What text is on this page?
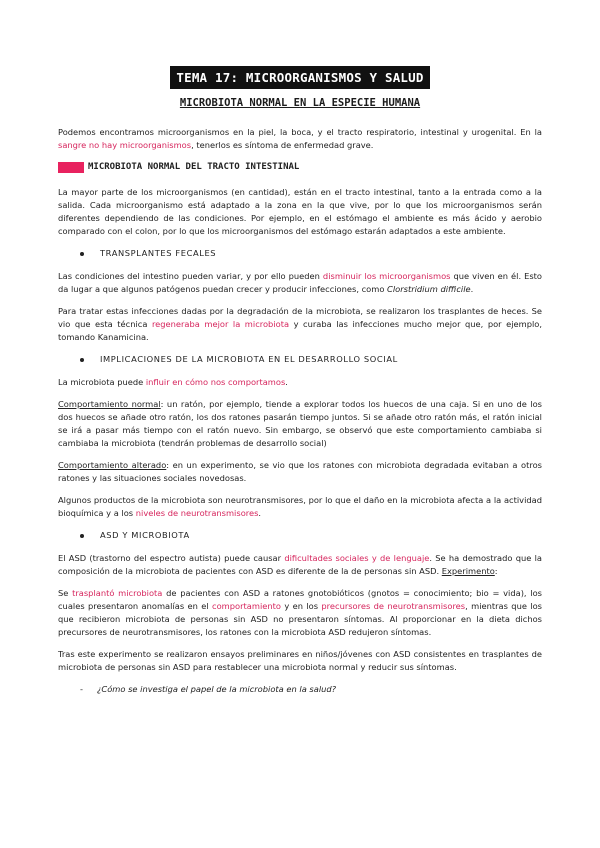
TEMA 17: MICROORGANISMOS Y SALUD
MICROBIOTA NORMAL EN LA ESPECIE HUMANA

Podemos encontramos microorganismos en la piel, la boca, y el tracto respiratorio, intestinal y urogenital. En la sangre no hay microorganismos, tenerlos es síntoma de enfermedad grave.

MICROBIOTA NORMAL DEL TRACTO INTESTINAL

La mayor parte de los microorganismos (en cantidad), están en el tracto intestinal, tanto a la entrada como a la salida. Cada microorganismo está adaptado a la zona en la que vive, por lo que los microorganismos serán diferentes dependiendo de las condiciones. Por ejemplo, en el estómago el ambiente es más ácido y aerobio comparado con el colon, por lo que los microorganismos del estómago estarán adaptados a este ambiente.

TRANSPLANTES FECALES

Las condiciones del intestino pueden variar, y por ello pueden disminuir los microorganismos que viven en él. Esto da lugar a que algunos patógenos puedan crecer y producir infecciones, como Clorstridium difficile.

Para tratar estas infecciones dadas por la degradación de la microbiota, se realizaron los trasplantes de heces. Se vio que esta técnica regeneraba mejor la microbiota y curaba las infecciones mucho mejor que, por ejemplo, tomando Kanamicina.

IMPLICACIONES DE LA MICROBIOTA EN EL DESARROLLO SOCIAL

La microbiota puede influir en cómo nos comportamos.

Comportamiento normal: un ratón, por ejemplo, tiende a explorar todos los huecos de una caja. Si en uno de los dos huecos se añade otro ratón, los dos ratones pasarán tiempo juntos. Si se añade otro ratón más, el ratón inicial se irá a pasar más tiempo con el ratón nuevo. Sin embargo, se observó que este comportamiento cambiaba si cambiaba la microbiota (tendrán problemas de desarrollo social)

Comportamiento alterado: en un experimento, se vio que los ratones con microbiota degradada evitaban a otros ratones y las situaciones sociales novedosas.

Algunos productos de la microbiota son neurotransmisores, por lo que el daño en la microbiota afecta a la actividad bioquímica y a los niveles de neurotransmisores.

ASD Y MICROBIOTA

El ASD (trastorno del espectro autista) puede causar dificultades sociales y de lenguaje. Se ha demostrado que la composición de la microbiota de pacientes con ASD es diferente de la de personas sin ASD. Experimento:

Se trasplantó microbiota de pacientes con ASD a ratones gnotobióticos (gnotos = conocimiento; bio = vida), los cuales presentaron anomalías en el comportamiento y en los precursores de neurotransmisores, mientras que los que recibieron microbiota de personas sin ASD no presentaron síntomas. Al proporcionar en la dieta dichos precursores de neurotransmisores, los ratones con la microbiota ASD redujeron síntomas.

Tras este experimento se realizaron ensayos preliminares en niños/jóvenes con ASD consistentes en trasplantes de microbiota de personas sin ASD para restablecer una microbiota normal y reducir sus síntomas.

- ¿Cómo se investiga el papel de la microbiota en la salud?
